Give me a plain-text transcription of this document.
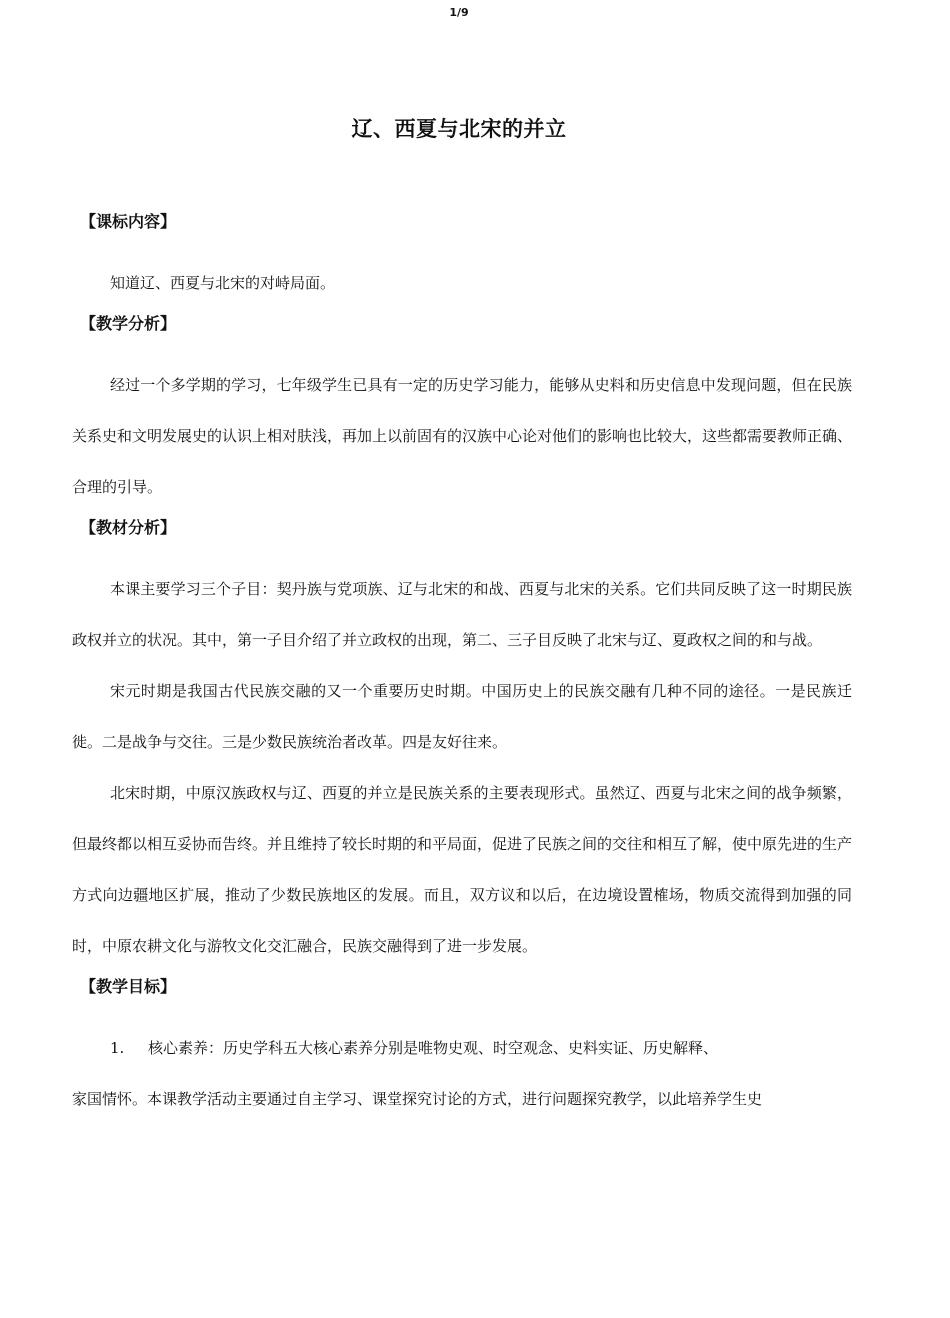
1/9
辽、西夏与北宋的并立
【课标内容】

知道辽、西夏与北宋的对峙局面。

【教学分析】

经过一个多学期的学习，七年级学生已具有一定的历史学习能力，能够从史料和历史信息中发现问题，但在民族关系史和文明发展史的认识上相对肤浅，再加上以前固有的汉族中心论对他们的影响也比较大，这些都需要教师正确、合理的引导。

【教材分析】

本课主要学习三个子目：契丹族与党项族、辽与北宋的和战、西夏与北宋的关系。它们共同反映了这一时期民族政权并立的状况。其中，第一子目介绍了并立政权的出现，第二、三子目反映了北宋与辽、夏政权之间的和与战。

宋元时期是我国古代民族交融的又一个重要历史时期。中国历史上的民族交融有几种不同的途径。一是民族迁徙。二是战争与交往。三是少数民族统治者改革。四是友好往来。

北宋时期，中原汉族政权与辽、西夏的并立是民族关系的主要表现形式。虽然辽、西夏与北宋之间的战争频繁，但最终都以相互妥协而告终。并且维持了较长时期的和平局面，促进了民族之间的交往和相互了解，使中原先进的生产方式向边疆地区扩展，推动了少数民族地区的发展。而且，双方议和以后，在边境设置榷场，物质交流得到加强的同时，中原农耕文化与游牧文化交汇融合，民族交融得到了进一步发展。

【教学目标】

1. 核心素养：历史学科五大核心素养分别是唯物史观、时空观念、史料实证、历史解释、

家国情怀。本课教学活动主要通过自主学习、课堂探究讨论的方式，进行问题探究教学，以此培养学生史
